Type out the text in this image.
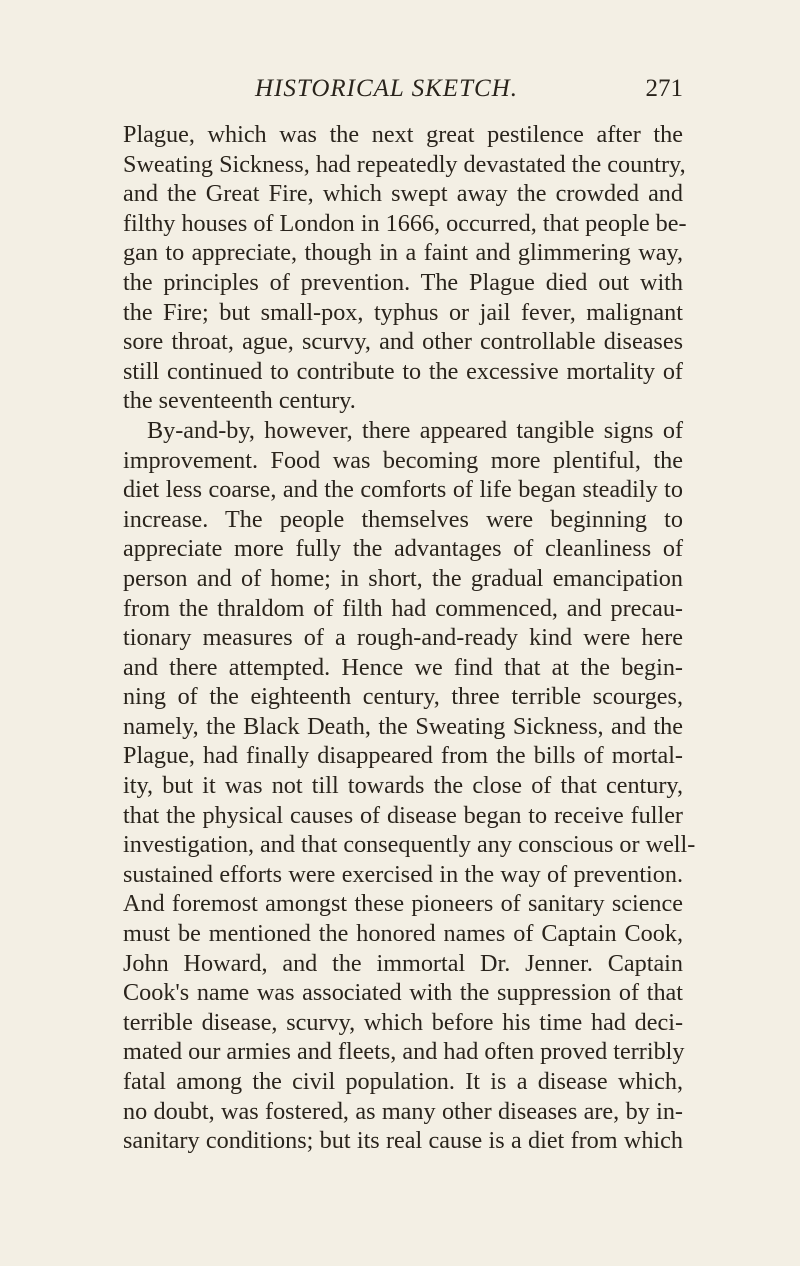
HISTORICAL SKETCH.	271
Plague, which was the next great pestilence after the
Sweating Sickness, had repeatedly devastated the country,
and the Great Fire, which swept away the crowded and
filthy houses of London in 1666, occurred, that people be-
gan to appreciate, though in a faint and glimmering way,
the principles of prevention. The Plague died out with
the Fire; but small-pox, typhus or jail fever, malignant
sore throat, ague, scurvy, and other controllable diseases
still continued to contribute to the excessive mortality of
the seventeenth century.
By-and-by, however, there appeared tangible signs of
improvement. Food was becoming more plentiful, the
diet less coarse, and the comforts of life began steadily to
increase. The people themselves were beginning to
appreciate more fully the advantages of cleanliness of
person and of home; in short, the gradual emancipation
from the thraldom of filth had commenced, and precau-
tionary measures of a rough-and-ready kind were here
and there attempted. Hence we find that at the begin-
ning of the eighteenth century, three terrible scourges,
namely, the Black Death, the Sweating Sickness, and the
Plague, had finally disappeared from the bills of mortal-
ity, but it was not till towards the close of that century,
that the physical causes of disease began to receive fuller
investigation, and that consequently any conscious or well-
sustained efforts were exercised in the way of prevention.
And foremost amongst these pioneers of sanitary science
must be mentioned the honored names of Captain Cook,
John Howard, and the immortal Dr. Jenner. Captain
Cook's name was associated with the suppression of that
terrible disease, scurvy, which before his time had deci-
mated our armies and fleets, and had often proved terribly
fatal among the civil population. It is a disease which,
no doubt, was fostered, as many other diseases are, by in-
sanitary conditions; but its real cause is a diet from which
